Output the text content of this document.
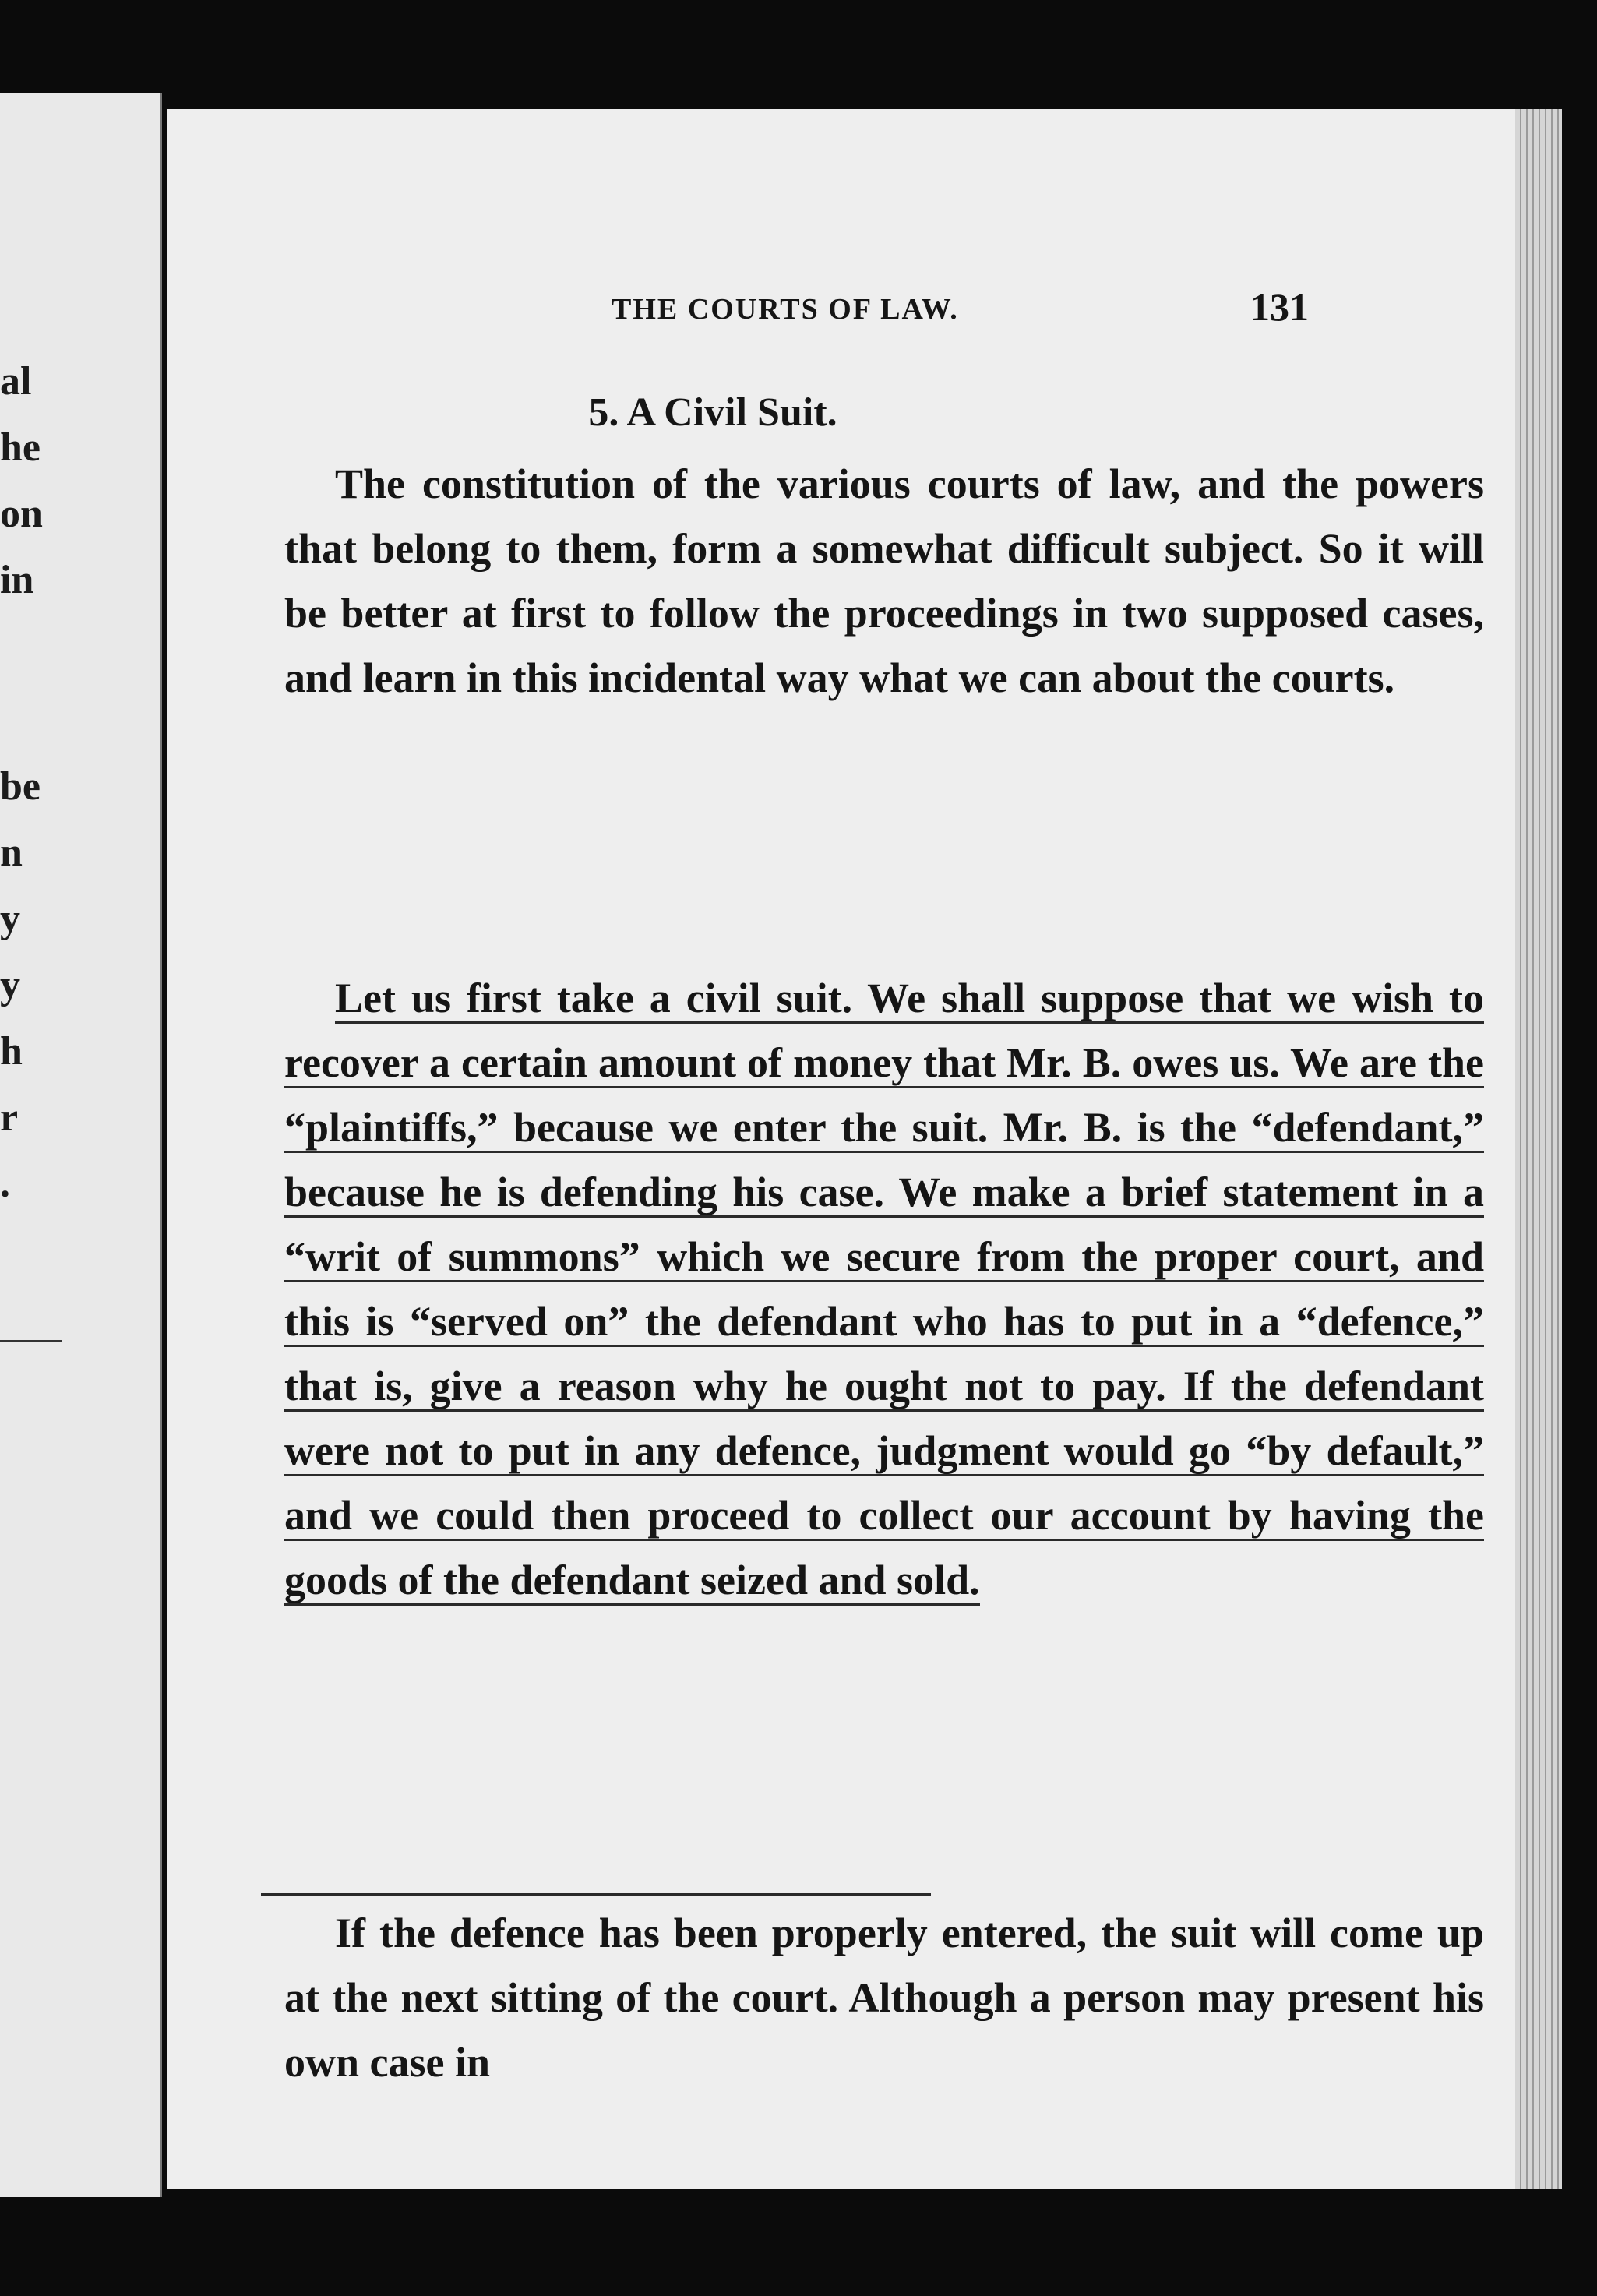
al
he
on
in
be
n
y
y
h
r
.
THE COURTS OF LAW.	131
5. A Civil Suit.
The constitution of the various courts of law, and the powers that belong to them, form a somewhat difficult subject. So it will be better at first to follow the proceedings in two supposed cases, and learn in this incidental way what we can about the courts.
Let us first take a civil suit. We shall suppose that we wish to recover a certain amount of money that Mr. B. owes us. We are the “plaintiffs,” because we enter the suit. Mr. B. is the “defendant,” because he is defending his case. We make a brief statement in a “writ of summons” which we secure from the proper court, and this is “served on” the defendant who has to put in a “defence,” that is, give a reason why he ought not to pay. If the defendant were not to put in any defence, judgment would go “by default,” and we could then proceed to collect our account by having the goods of the defendant seized and sold.
If the defence has been properly entered, the suit will come up at the next sitting of the court. Although a person may present his own case in
